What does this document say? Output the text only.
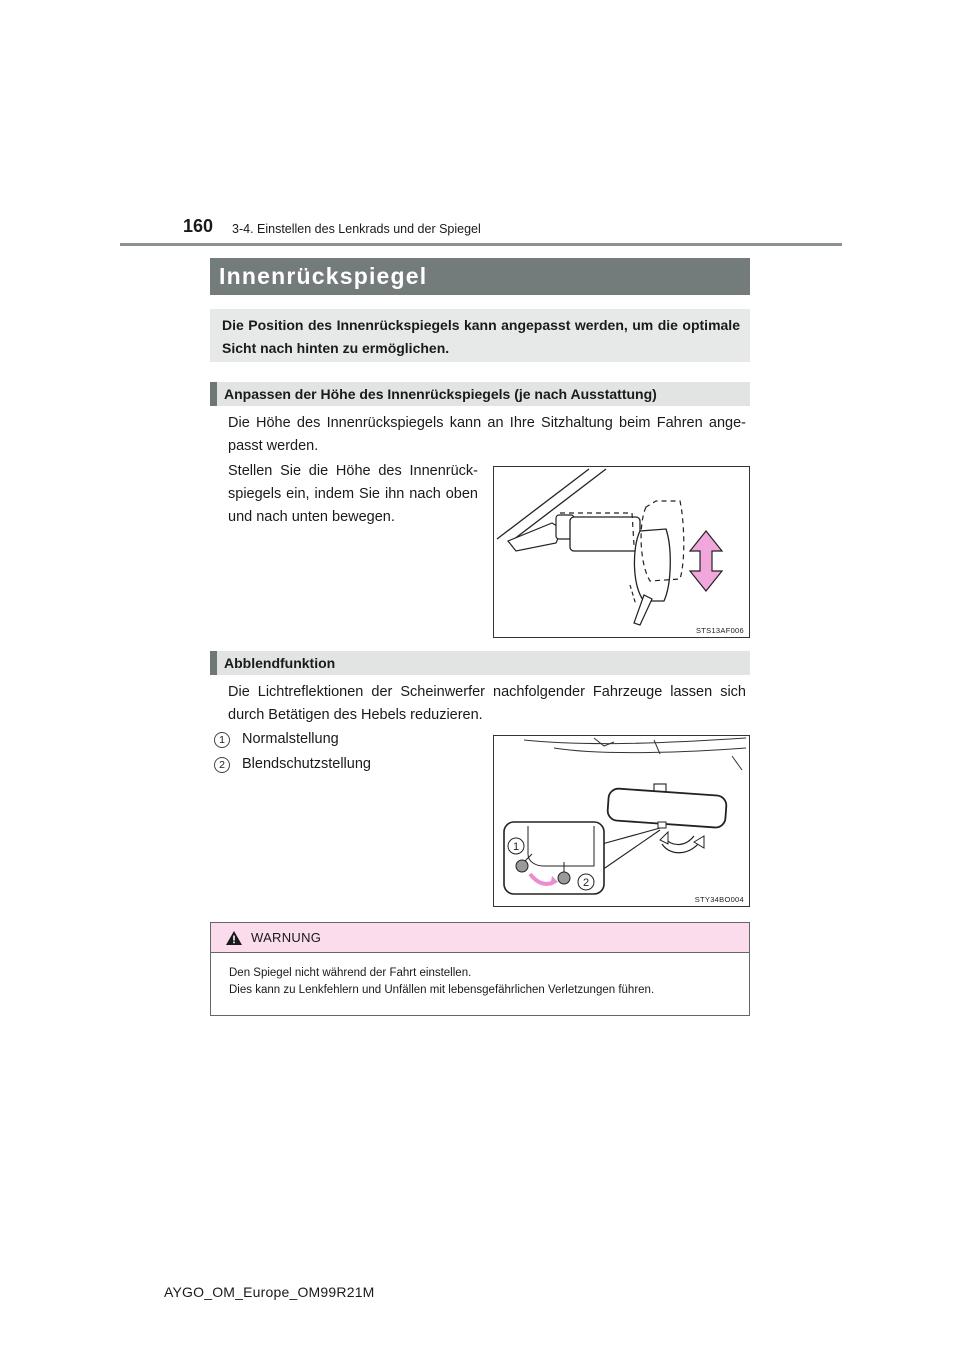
160 3-4. Einstellen des Lenkrads und der Spiegel
Innenrückspiegel
Die Position des Innenrückspiegels kann angepasst werden, um die optimale Sicht nach hinten zu ermöglichen.
Anpassen der Höhe des Innenrückspiegels (je nach Ausstattung)
Die Höhe des Innenrückspiegels kann an Ihre Sitzhaltung beim Fahren ange-passt werden.
Stellen Sie die Höhe des Innenrück-spiegels ein, indem Sie ihn nach oben und nach unten bewegen.
STS13AF006
Abblendfunktion
Die Lichtreflektionen der Scheinwerfer nachfolgender Fahrzeuge lassen sich durch Betätigen des Hebels reduzieren.
1	Normalstellung
2	Blendschutzstellung
1
2
STY34BO004
WARNUNG
Den Spiegel nicht während der Fahrt einstellen.
Dies kann zu Lenkfehlern und Unfällen mit lebensgefährlichen Verletzungen führen.
AYGO_OM_Europe_OM99R21M
